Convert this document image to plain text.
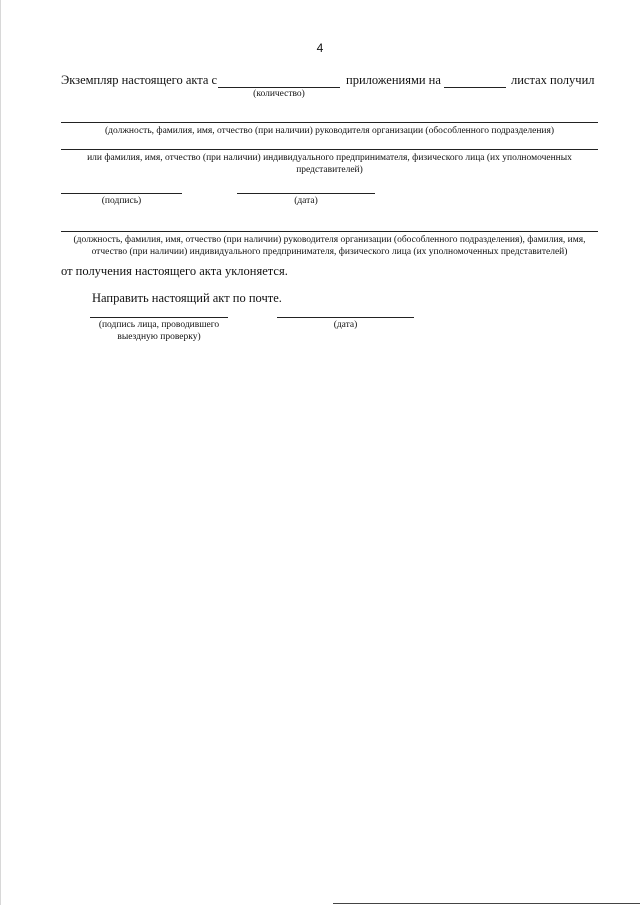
4
Экземпляр настоящего акта с	приложениями на	листах получил
(количество)
(должность, фамилия, имя, отчество (при наличии) руководителя организации (обособленного подразделения)
или фамилия, имя, отчество (при наличии) индивидуального предпринимателя, физического лица (их уполномоченных
представителей)
(подпись)	(дата)
(должность, фамилия, имя, отчество (при наличии) руководителя организации (обособленного подразделения), фамилия, имя,
отчество (при наличии) индивидуального предпринимателя, физического лица (их уполномоченных представителей)
от получения настоящего акта уклоняется.
Направить настоящий акт по почте.
(подпись лица, проводившего
выездную проверку)
(дата)
